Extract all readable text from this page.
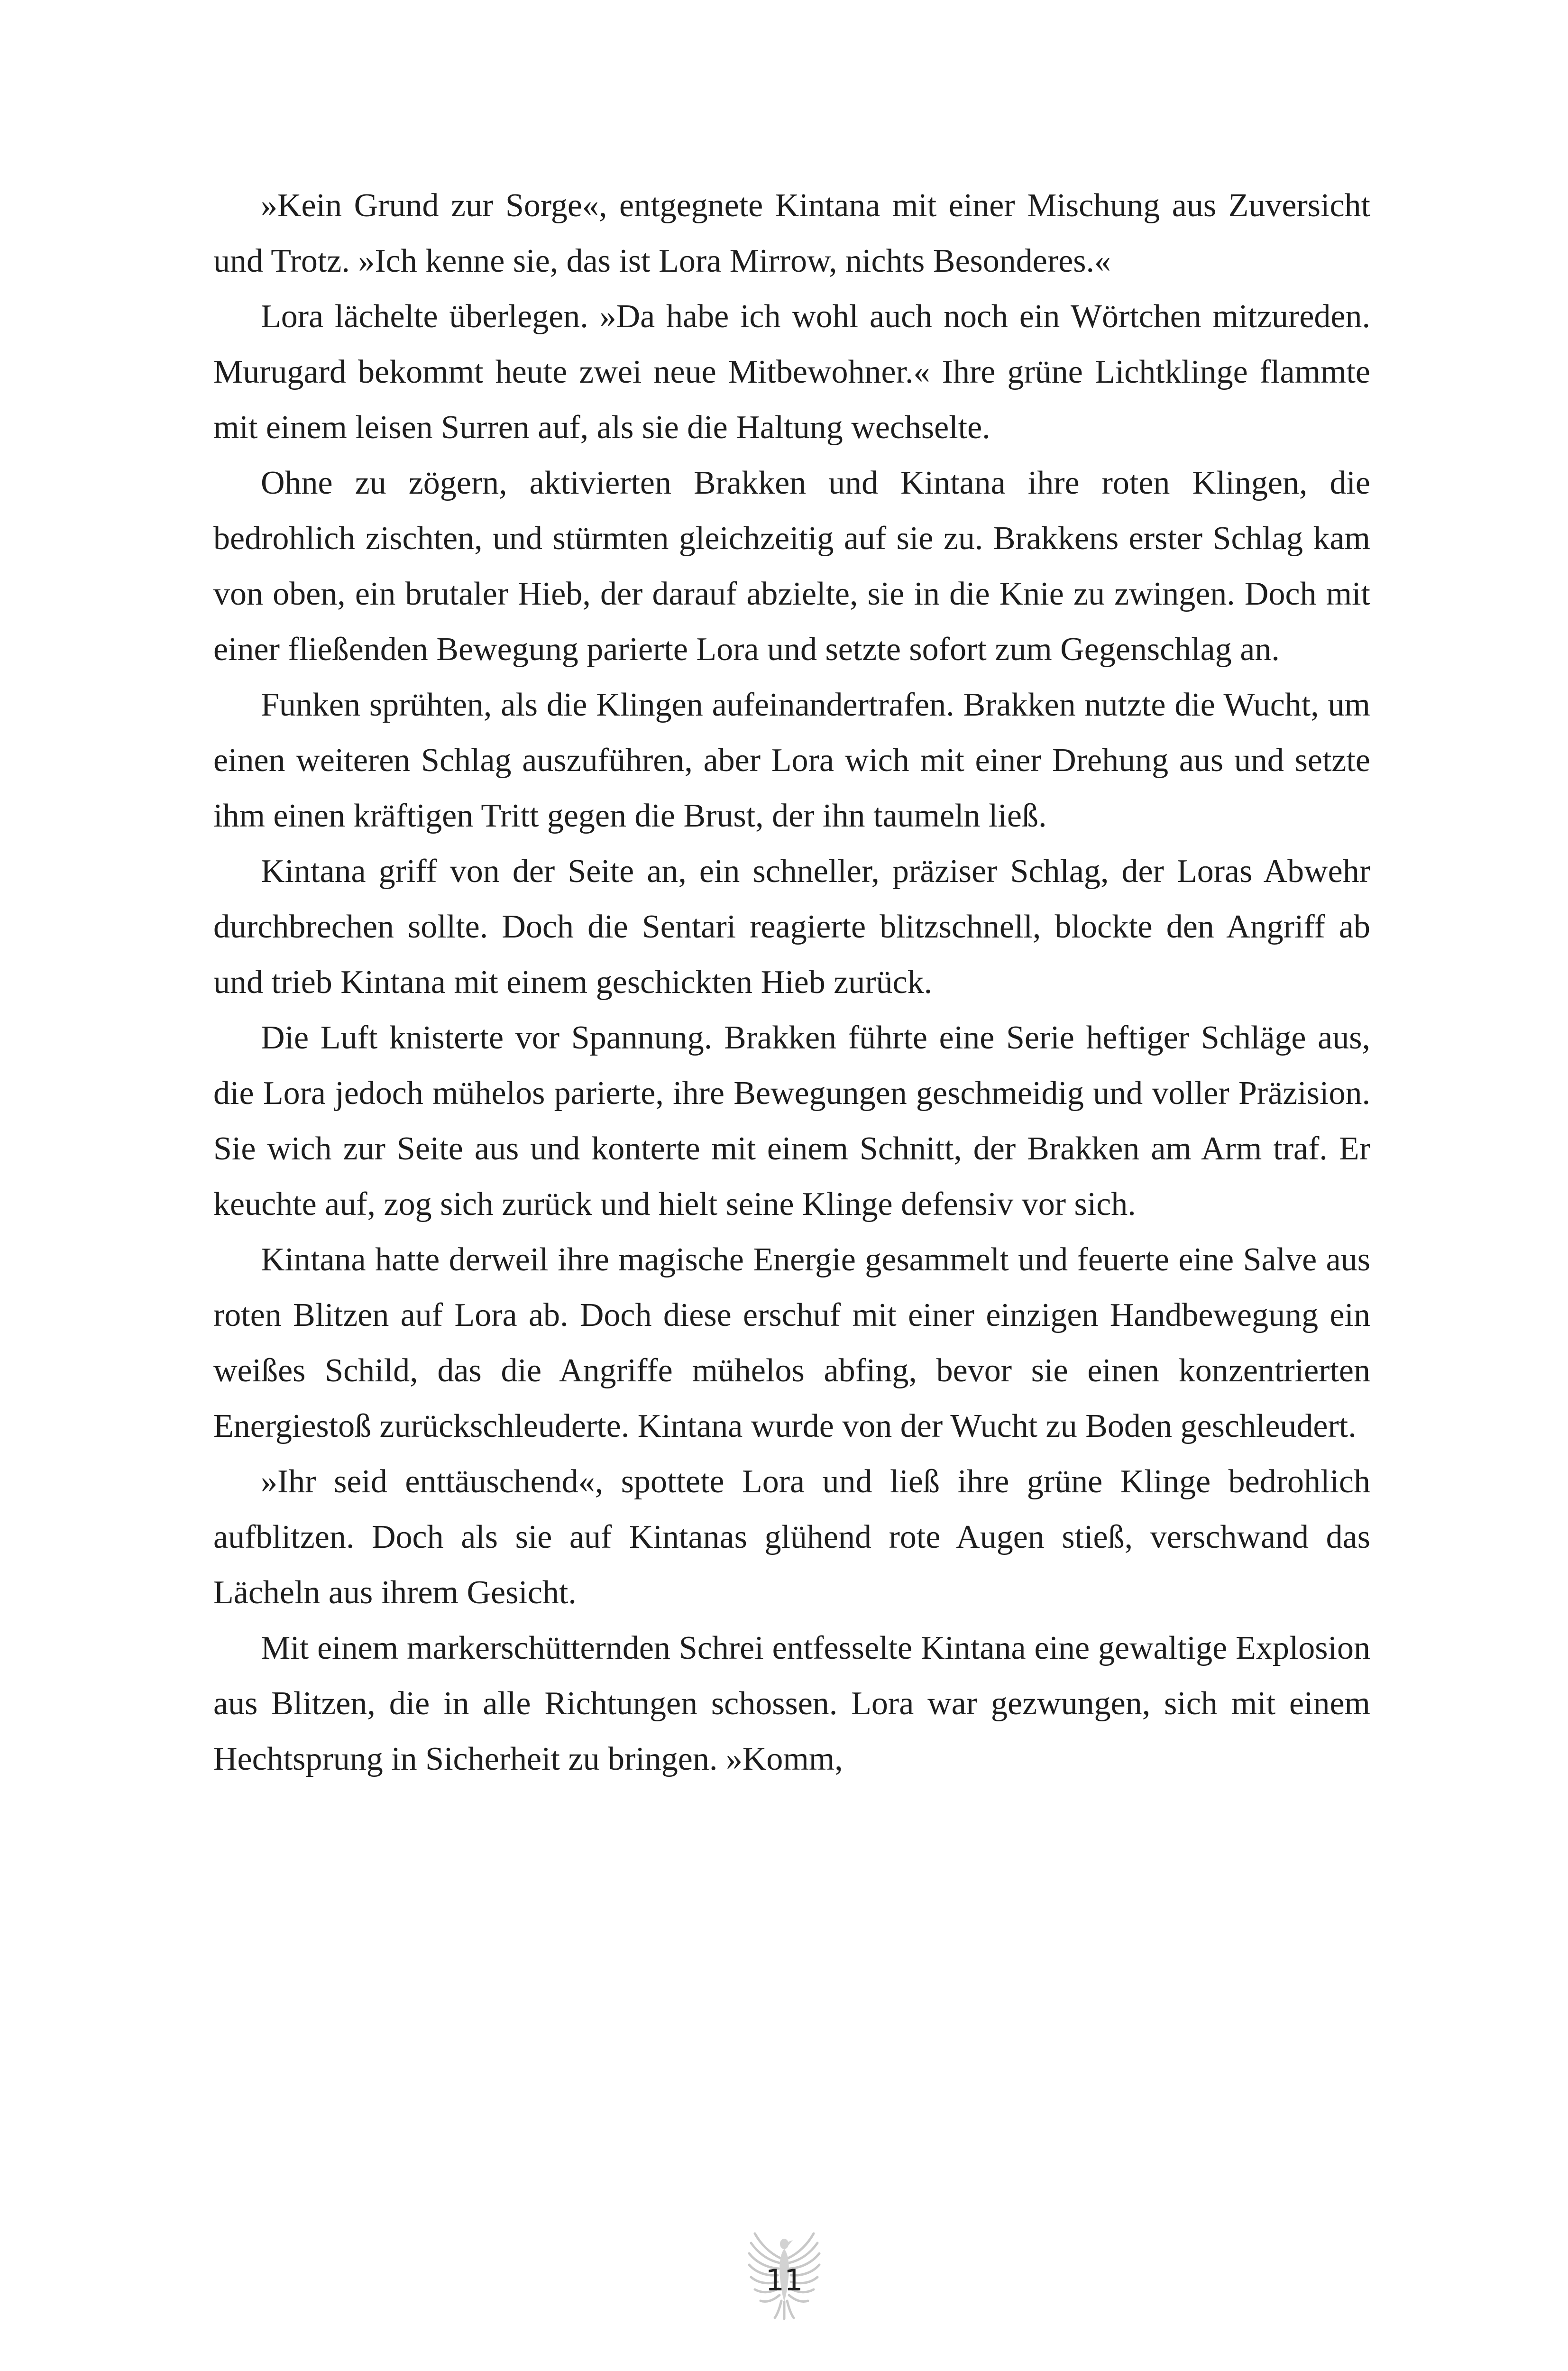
»Kein Grund zur Sorge«, entgegnete Kintana mit einer Mischung aus Zuversicht und Trotz. »Ich kenne sie, das ist Lora Mirrow, nichts Besonderes.«

Lora lächelte überlegen. »Da habe ich wohl auch noch ein Wörtchen mitzureden. Murugard bekommt heute zwei neue Mitbewohner.« Ihre grüne Lichtklinge flammte mit einem leisen Surren auf, als sie die Haltung wechselte.

Ohne zu zögern, aktivierten Brakken und Kintana ihre roten Klingen, die bedrohlich zischten, und stürmten gleichzeitig auf sie zu. Brakkens erster Schlag kam von oben, ein brutaler Hieb, der darauf abzielte, sie in die Knie zu zwingen. Doch mit einer fließenden Bewegung parierte Lora und setzte sofort zum Gegenschlag an.

Funken sprühten, als die Klingen aufeinandertrafen. Brakken nutzte die Wucht, um einen weiteren Schlag auszuführen, aber Lora wich mit einer Drehung aus und setzte ihm einen kräftigen Tritt gegen die Brust, der ihn taumeln ließ.

Kintana griff von der Seite an, ein schneller, präziser Schlag, der Loras Abwehr durchbrechen sollte. Doch die Sentari reagierte blitzschnell, blockte den Angriff ab und trieb Kintana mit einem geschickten Hieb zurück.

Die Luft knisterte vor Spannung. Brakken führte eine Serie heftiger Schläge aus, die Lora jedoch mühelos parierte, ihre Bewegungen geschmeidig und voller Präzision. Sie wich zur Seite aus und konterte mit einem Schnitt, der Brakken am Arm traf. Er keuchte auf, zog sich zurück und hielt seine Klinge defensiv vor sich.

Kintana hatte derweil ihre magische Energie gesammelt und feuerte eine Salve aus roten Blitzen auf Lora ab. Doch diese erschuf mit einer einzigen Handbewegung ein weißes Schild, das die Angriffe mühelos abfing, bevor sie einen konzentrierten Energiestoß zurückschleuderte. Kintana wurde von der Wucht zu Boden geschleudert.

»Ihr seid enttäuschend«, spottete Lora und ließ ihre grüne Klinge bedrohlich aufblitzen. Doch als sie auf Kintanas glühend rote Augen stieß, verschwand das Lächeln aus ihrem Gesicht.

Mit einem markerschütternden Schrei entfesselte Kintana eine gewaltige Explosion aus Blitzen, die in alle Richtungen schossen. Lora war gezwungen, sich mit einem Hechtsprung in Sicherheit zu bringen. »Komm,

11
